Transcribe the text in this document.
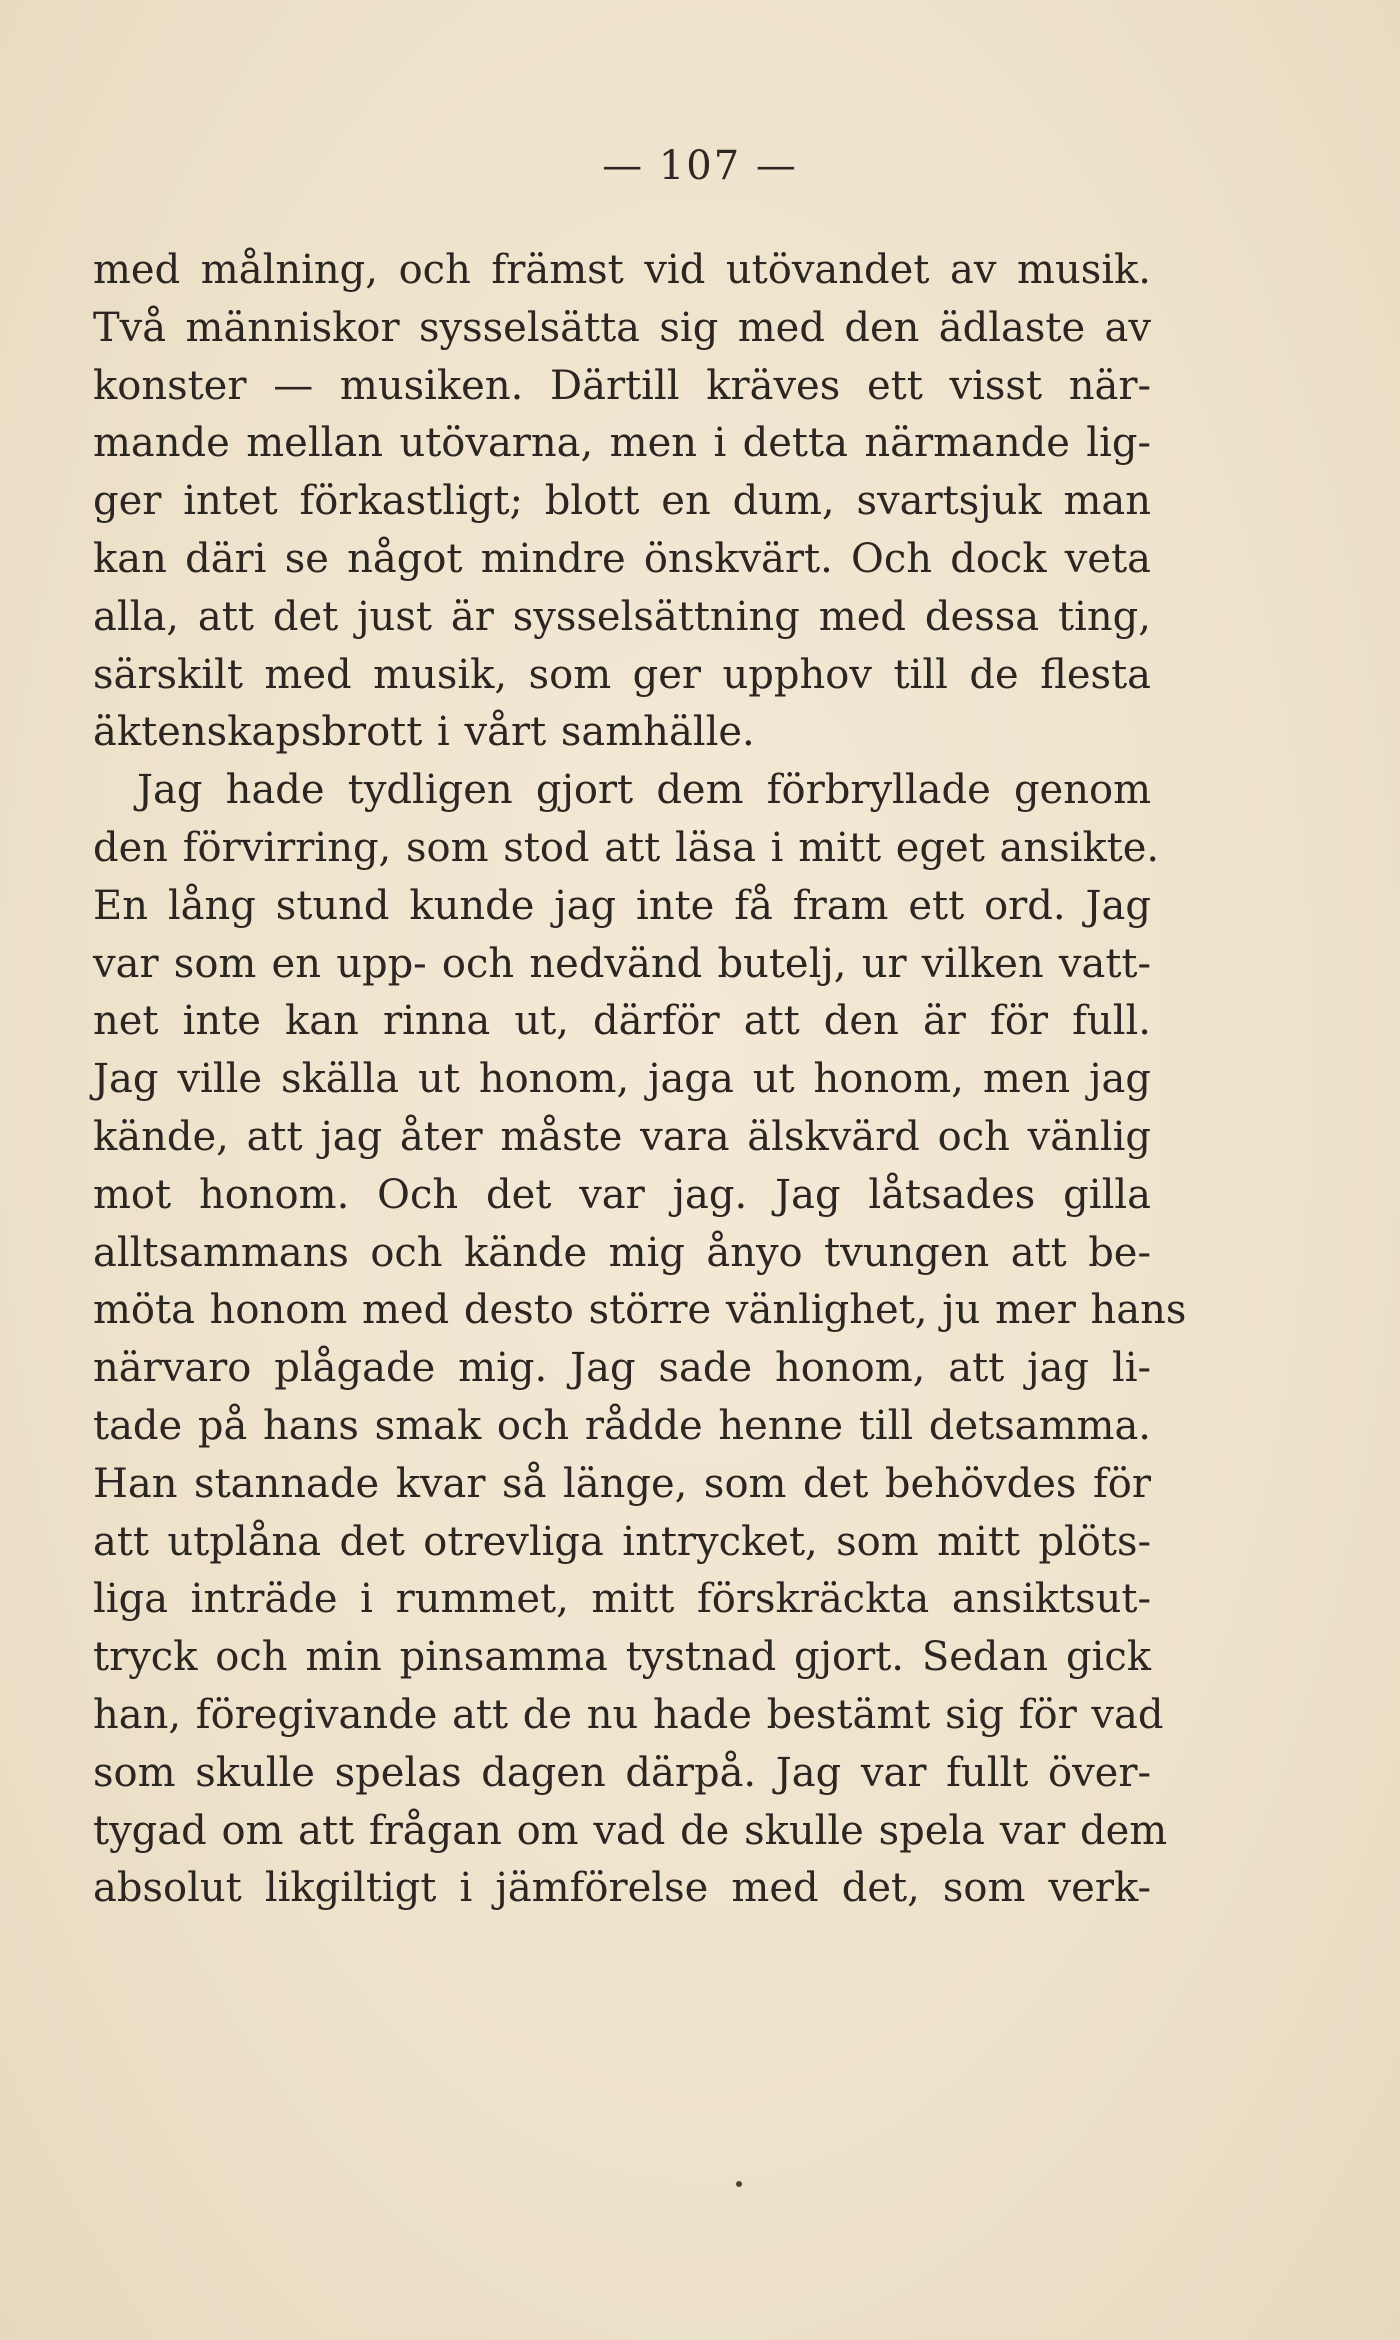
— 107 —

med målning, och främst vid utövandet av musik.
Två människor sysselsätta sig med den ädlaste av
konster — musiken. Därtill kräves ett visst när-
mande mellan utövarna, men i detta närmande lig-
ger intet förkastligt; blott en dum, svartsjuk man
kan däri se något mindre önskvärt. Och dock veta
alla, att det just är sysselsättning med dessa ting,
särskilt med musik, som ger upphov till de flesta
äktenskapsbrott i vårt samhälle.
Jag hade tydligen gjort dem förbryllade genom
den förvirring, som stod att läsa i mitt eget ansikte.
En lång stund kunde jag inte få fram ett ord. Jag
var som en upp- och nedvänd butelj, ur vilken vatt-
net inte kan rinna ut, därför att den är för full.
Jag ville skälla ut honom, jaga ut honom, men jag
kände, att jag åter måste vara älskvärd och vänlig
mot honom. Och det var jag. Jag låtsades gilla
alltsammans och kände mig ånyo tvungen att be-
möta honom med desto större vänlighet, ju mer hans
närvaro plågade mig. Jag sade honom, att jag li-
tade på hans smak och rådde henne till detsamma.
Han stannade kvar så länge, som det behövdes för
att utplåna det otrevliga intrycket, som mitt plöts-
liga inträde i rummet, mitt förskräckta ansiktsut-
tryck och min pinsamma tystnad gjort. Sedan gick
han, föregivande att de nu hade bestämt sig för vad
som skulle spelas dagen därpå. Jag var fullt över-
tygad om att frågan om vad de skulle spela var dem
absolut likgiltigt i jämförelse med det, som verk-
